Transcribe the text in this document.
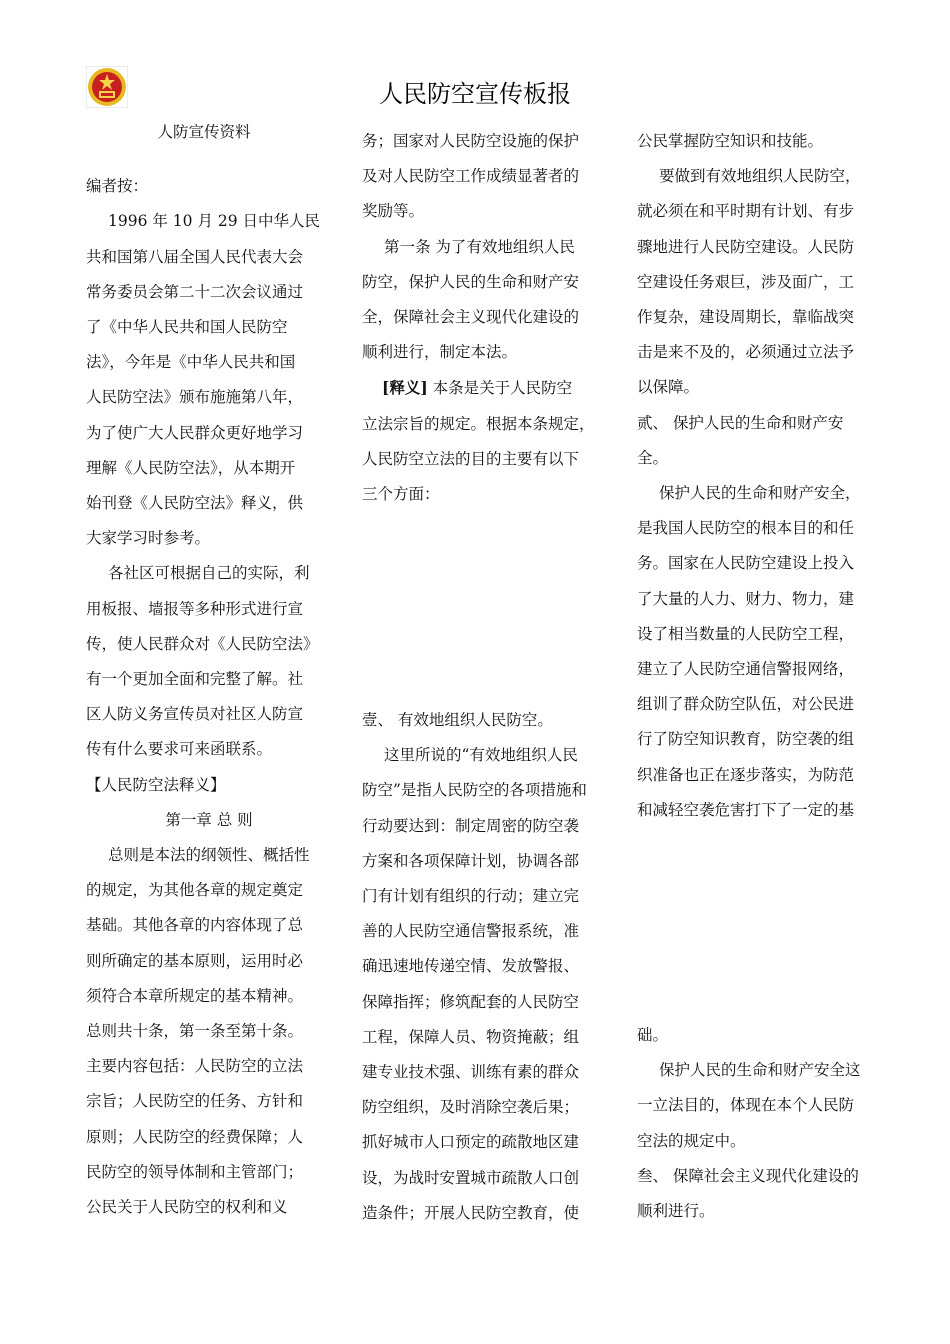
人民防空宣传板报

人防宣传资料

编者按：

1996 年 10 月 29 日中华人民

共和国第八届全国人民代表大会

常务委员会第二十二次会议通过

了《中华人民共和国人民防空

法》，今年是《中华人民共和国

人民防空法》颁布施施第八年，

为了使广大人民群众更好地学习

理解《人民防空法》，从本期开

始刊登《人民防空法》释义，供

大家学习时参考。

各社区可根据自己的实际，利

用板报、墙报等多种形式进行宣

传，使人民群众对《人民防空法》

有一个更加全面和完整了解。社

区人防义务宣传员对社区人防宣

传有什么要求可来函联系。

【人民防空法释义】

第一章 总 则

总则是本法的纲领性、概括性

的规定，为其他各章的规定奠定

基础。其他各章的内容体现了总

则所确定的基本原则，运用时必

须符合本章所规定的基本精神。

总则共十条，第一条至第十条。

主要内容包括：人民防空的立法

宗旨；人民防空的任务、方针和

原则；人民防空的经费保障；人

民防空的领导体制和主管部门；

公民关于人民防空的权利和义

务；国家对人民防空设施的保护

及对人民防空工作成绩显著者的

奖励等。

第一条 为了有效地组织人民

防空，保护人民的生命和财产安

全，保障社会主义现代化建设的

顺利进行，制定本法。

[释义] 本条是关于人民防空

立法宗旨的规定。根据本条规定，

人民防空立法的目的主要有以下

三个方面：

壹、 有效地组织人民防空。

这里所说的“有效地组织人民

防空”是指人民防空的各项措施和

行动要达到：制定周密的防空袭

方案和各项保障计划，协调各部

门有计划有组织的行动；建立完

善的人民防空通信警报系统，准

确迅速地传递空情、发放警报、

保障指挥；修筑配套的人民防空

工程，保障人员、物资掩蔽；组

建专业技术强、训练有素的群众

防空组织，及时消除空袭后果；

抓好城市人口预定的疏散地区建

设，为战时安置城市疏散人口创

造条件；开展人民防空教育，使

公民掌握防空知识和技能。

要做到有效地组织人民防空，

就必须在和平时期有计划、有步

骤地进行人民防空建设。人民防

空建设任务艰巨，涉及面广，工

作复杂，建设周期长，靠临战突

击是来不及的，必须通过立法予

以保障。

贰、 保护人民的生命和财产安

全。

保护人民的生命和财产安全，

是我国人民防空的根本目的和任

务。国家在人民防空建设上投入

了大量的人力、财力、物力，建

设了相当数量的人民防空工程，

建立了人民防空通信警报网络，

组训了群众防空队伍，对公民进

行了防空知识教育，防空袭的组

织准备也正在逐步落实，为防范

和减轻空袭危害打下了一定的基

础。

保护人民的生命和财产安全这

一立法目的，体现在本个人民防

空法的规定中。

叁、 保障社会主义现代化建设的

顺利进行。
